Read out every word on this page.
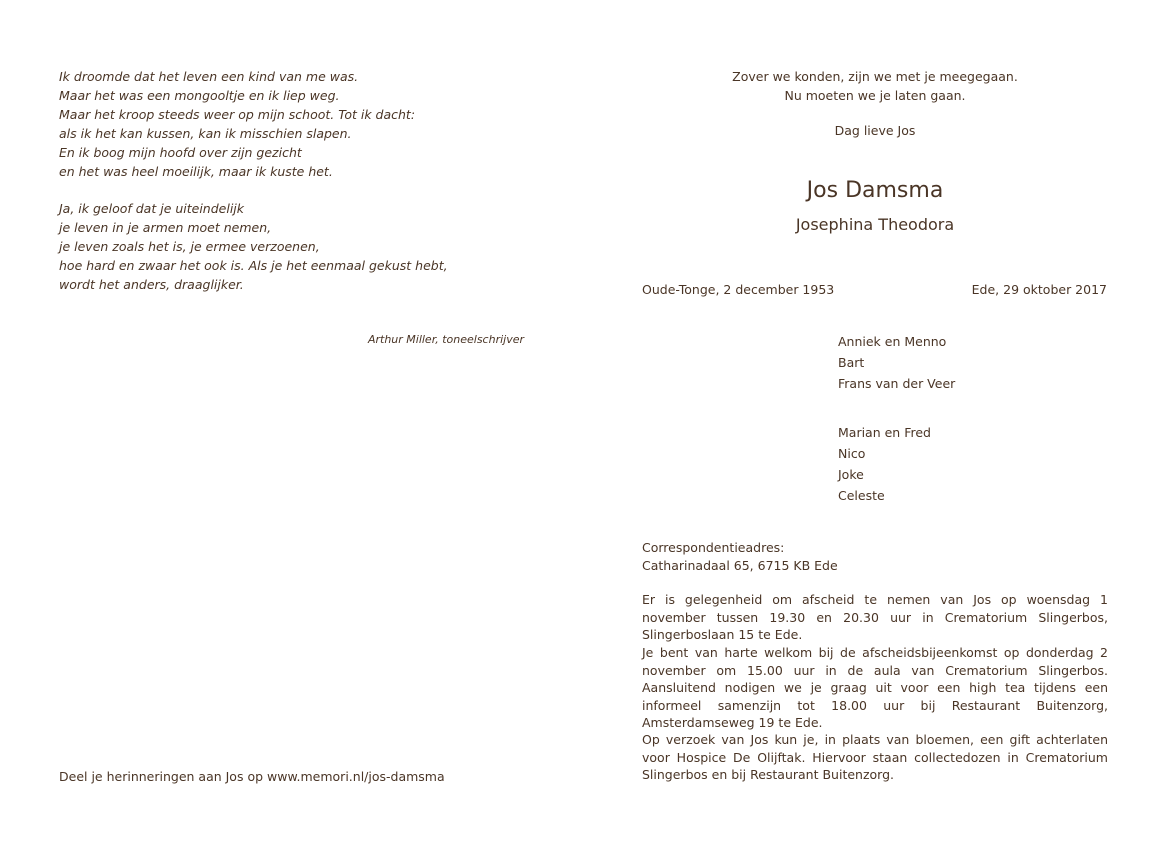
Ik droomde dat het leven een kind van me was.
Maar het was een mongooltje en ik liep weg.
Maar het kroop steeds weer op mijn schoot. Tot ik dacht:
als ik het kan kussen, kan ik misschien slapen.
En ik boog mijn hoofd over zijn gezicht
en het was heel moeilijk, maar ik kuste het.
Ja, ik geloof dat je uiteindelijk
je leven in je armen moet nemen,
je leven zoals het is, je ermee verzoenen,
hoe hard en zwaar het ook is. Als je het eenmaal gekust hebt,
wordt het anders, draaglijker.
Arthur Miller, toneelschrijver
Deel je herinneringen aan Jos op www.memori.nl/jos-damsma
Zover we konden, zijn we met je meegegaan.
Nu moeten we je laten gaan.
Dag lieve Jos
Jos Damsma
Josephina Theodora
Oude-Tonge, 2 december 1953	Ede, 29 oktober 2017
Anniek en Menno
Bart
Frans van der Veer
Marian en Fred
Nico
Joke
Celeste
Correspondentieadres:
Catharinadaal 65, 6715 KB Ede
Er is gelegenheid om afscheid te nemen van Jos op woensdag 1 november tussen 19.30 en 20.30 uur in Crematorium Slingerbos, Slingerboslaan 15 te Ede.
Je bent van harte welkom bij de afscheidsbijeenkomst op donderdag 2 november om 15.00 uur in de aula van Crematorium Slingerbos. Aansluitend nodigen we je graag uit voor een high tea tijdens een informeel samenzijn tot 18.00 uur bij Restaurant Buitenzorg, Amsterdamseweg 19 te Ede.
Op verzoek van Jos kun je, in plaats van bloemen, een gift achterlaten voor Hospice De Olijftak. Hiervoor staan collectedozen in Crematorium Slingerbos en bij Restaurant Buitenzorg.
